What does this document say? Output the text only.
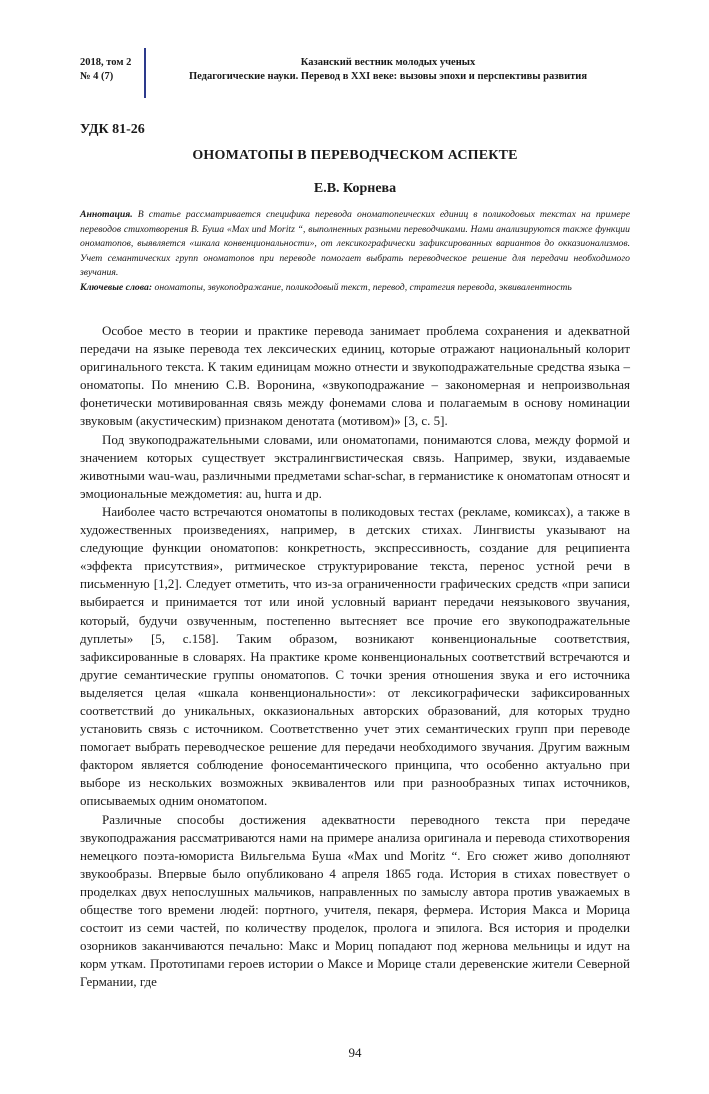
2018, том 2
№ 4 (7)
Казанский вестник молодых ученых
Педагогические науки. Перевод в XXI веке: вызовы эпохи и перспективы развития
УДК 81-26
ОНОМАТОПЫ В ПЕРЕВОДЧЕСКОМ АСПЕКТЕ
Е.В. Корнева

Аннотация. В статье рассматривается специфика перевода ономатопеических единиц в поликодовых текстах на примере переводов стихотворения В. Буша «Max und Moritz “, выполненных разными переводчиками. Нами анализируются также функции ономатопов, выявляется «шкала конвенциональности», от лексикографически зафиксированных вариантов до окказионализмов. Учет семантических групп ономатопов при переводе помогает выбрать переводческое решение для передачи необходимого звучания.

Ключевые слова: ономатопы, звукоподражание, поликодовый текст, перевод, стратегия перевода, эквивалентность

Особое место в теории и практике перевода занимает проблема сохранения и адекватной передачи на языке перевода тех лексических единиц, которые отражают национальный колорит оригинального текста. К таким единицам можно отнести и звукоподражательные средства языка – ономатопы. По мнению С.В. Воронина, «звукоподражание – закономерная и непроизвольная фонетически мотивированная связь между фонемами слова и полагаемым в основу номинации звуковым (акустическим) признаком денотата (мотивом)» [3, с. 5].

Под звукоподражательными словами, или ономатопами, понимаются слова, между формой и значением которых существует экстралингвистическая связь. Например, звуки, издаваемые животными wau-wau, различными предметами schar-schar, в германистике к ономатопам относят и эмоциональные междометия: au, hurra и др.

Наиболее часто встречаются ономатопы в поликодовых тестах (рекламе, комиксах), а также в художественных произведениях, например, в детских стихах. Лингвисты указывают на следующие функции ономатопов: конкретность, экспрессивность, создание для реципиента «эффекта присутствия», ритмическое структурирование текста, перенос устной речи в письменную [1,2]. Следует отметить, что из-за ограниченности графических средств «при записи выбирается и принимается тот или иной условный вариант передачи неязыкового звучания, который, будучи озвученным, постепенно вытесняет все прочие его звукоподражательные дуплеты» [5, с.158]. Таким образом, возникают конвенциональные соответствия, зафиксированные в словарях. На практике кроме конвенциональных соответствий встречаются и другие семантические группы ономатопов. С точки зрения отношения звука и его источника выделяется целая «шкала конвенциональности»: от лексикографически зафиксированных соответствий до уникальных, окказиональных авторских образований, для которых трудно установить связь с источником. Соответственно учет этих семантических групп при переводе помогает выбрать переводческое решение для передачи необходимого звучания. Другим важным фактором является соблюдение фоносемантического принципа, что особенно актуально при выборе из нескольких возможных эквивалентов или при разнообразных типах источников, описываемых одним ономатопом.

Различные способы достижения адекватности переводного текста при передаче звукоподражания рассматриваются нами на примере анализа оригинала и перевода стихотворения немецкого поэта-юмориста Вильгельма Буша «Max und Moritz “. Его сюжет живо дополняют звукообразы. Впервые было опубликовано 4 апреля 1865 года. История в стихах повествует о проделках двух непослушных мальчиков, направленных по замыслу автора против уважаемых в обществе того времени людей: портного, учителя, пекаря, фермера. История Макса и Морица состоит из семи частей, по количеству проделок, пролога и эпилога. Вся история и проделки озорников заканчиваются печально: Макс и Мориц попадают под жернова мельницы и идут на корм уткам. Прототипами героев истории о Максе и Морице стали деревенские жители Северной Германии, где

94
